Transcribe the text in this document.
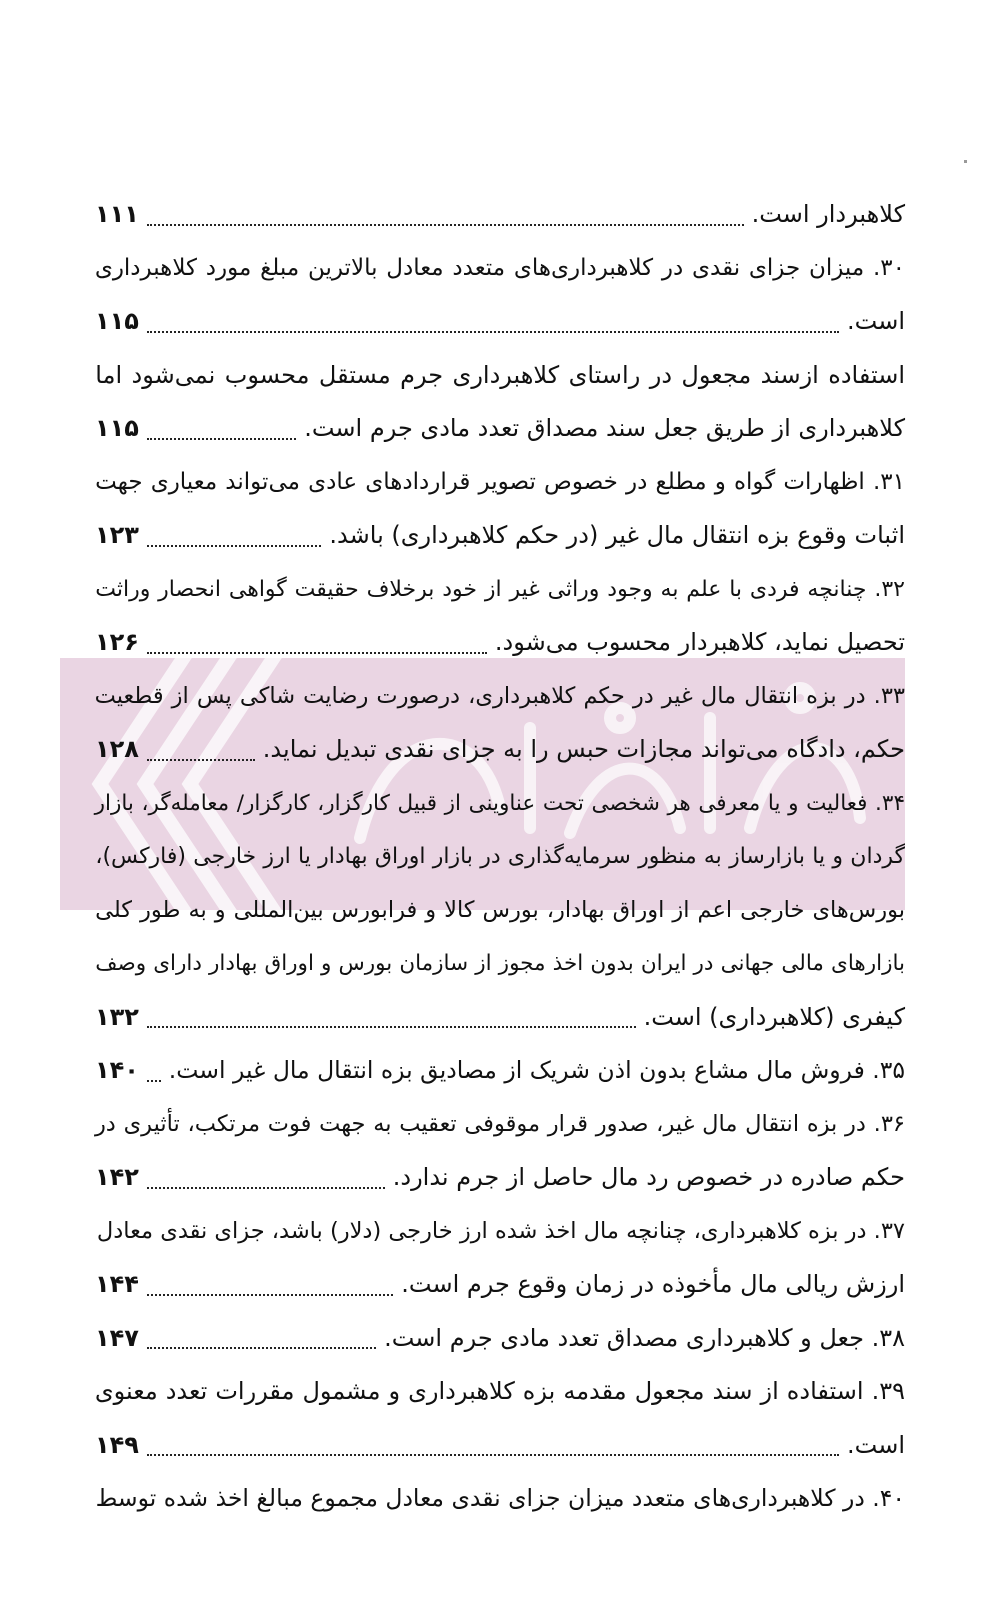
کلاهبردار است.
۱۱۱
۳۰. میزان جزای نقدی در کلاهبرداری‌های متعدد معادل بالاترین مبلغ مورد کلاهبرداری
است.
۱۱۵
استفاده ازسند مجعول در راستای کلاهبرداری جرم مستقل محسوب نمی‌شود اما
کلاهبرداری از طریق جعل سند مصداق تعدد مادی جرم است.
۱۱۵
۳۱. اظهارات گواه و مطلع در خصوص تصویر قراردادهای عادی می‌تواند معیاری جهت
اثبات وقوع بزه انتقال مال غیر (در حکم کلاهبرداری) باشد.
۱۲۳
۳۲. چنانچه فردی با علم به وجود وراثی غیر از خود برخلاف حقیقت گواهی انحصار وراثت
تحصیل نماید، کلاهبردار محسوب می‌شود.
۱۲۶
۳۳. در بزه انتقال مال غیر در حکم کلاهبرداری، درصورت رضایت شاکی پس از قطعیت
حکم، دادگاه می‌تواند مجازات حبس را به جزای نقدی تبدیل نماید.
۱۲۸
۳۴. فعالیت و یا معرفی هر شخصی تحت عناوینی از قبیل کارگزار، کارگزار/ معامله‌گر، بازار
گردان و یا بازارساز به منظور سرمایه‌گذاری در بازار اوراق بهادار یا ارز خارجی (فارکس)،
بورس‌های خارجی اعم از اوراق بهادار، بورس کالا و فرابورس بین‌المللی و به طور کلی
بازارهای مالی جهانی در ایران بدون اخذ مجوز از سازمان بورس و اوراق بهادار دارای وصف
کیفری (کلاهبرداری) است.
۱۳۲
۳۵. فروش مال مشاع بدون اذن شریک از مصادیق بزه انتقال مال غیر است.
۱۴۰
۳۶. در بزه انتقال مال غیر، صدور قرار موقوفی تعقیب به جهت فوت مرتکب، تأثیری در
حکم صادره در خصوص رد مال حاصل از جرم ندارد.
۱۴۲
۳۷. در بزه کلاهبرداری، چنانچه مال اخذ شده ارز خارجی (دلار) باشد، جزای نقدی معادل
ارزش ریالی مال مأخوذه در زمان وقوع جرم است.
۱۴۴
۳۸. جعل و کلاهبرداری مصداق تعدد مادی جرم است.
۱۴۷
۳۹. استفاده از سند مجعول مقدمه بزه کلاهبرداری و مشمول مقررات تعدد معنوی
است.
۱۴۹
۴۰. در کلاهبرداری‌های متعدد میزان جزای نقدی معادل مجموع مبالغ اخذ شده توسط
